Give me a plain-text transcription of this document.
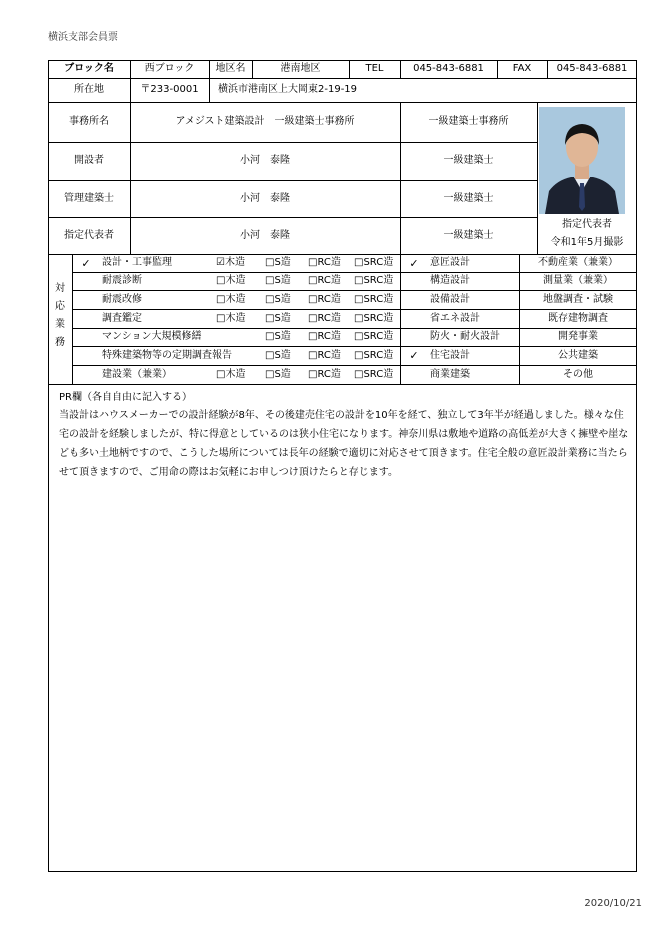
横浜支部会員票
ブロック名	西ブロック	地区名	港南地区	TEL	045-843-6881	FAX	045-843-6881
所在地	〒233-0001	横浜市港南区上大岡東2-19-19
事務所名	アメジスト建築設計　一級建築士事務所	一級建築士事務所
開設者	小河　泰隆	一級建築士
管理建築士	小河　泰隆	一級建築士
指定代表者	小河　泰隆	一級建築士
指定代表者
令和1年5月撮影
対
応
業
務
✓	設計・工事監理	☑木造	□S造	□RC造	□SRC造	✓	意匠設計	不動産業（兼業）
耐震診断	□木造	□S造	□RC造	□SRC造	構造設計	測量業（兼業）
耐震改修	□木造	□S造	□RC造	□SRC造	設備設計	地盤調査・試験
調査鑑定	□木造	□S造	□RC造	□SRC造	省エネ設計	既存建物調査
マンション大規模修繕	□S造	□RC造	□SRC造	防火・耐火設計	開発事業
特殊建築物等の定期調査報告	□S造	□RC造	□SRC造	✓	住宅設計	公共建築
建設業（兼業）	□木造	□S造	□RC造	□SRC造	商業建築	その他
PR欄（各自自由に記入する）
当設計はハウスメーカーでの設計経験が8年、その後建売住宅の設計を10年を経て、独立して3年半が経過しました。様々な住宅の設計を経験しましたが、特に得意としているのは狭小住宅になります。神奈川県は敷地や道路の高低差が大きく擁壁や崖なども多い土地柄ですので、こうした場所については長年の経験で適切に対応させて頂きます。住宅全般の意匠設計業務に当たらせて頂きますので、ご用命の際はお気軽にお申しつけ頂けたらと存じます。
2020/10/21
